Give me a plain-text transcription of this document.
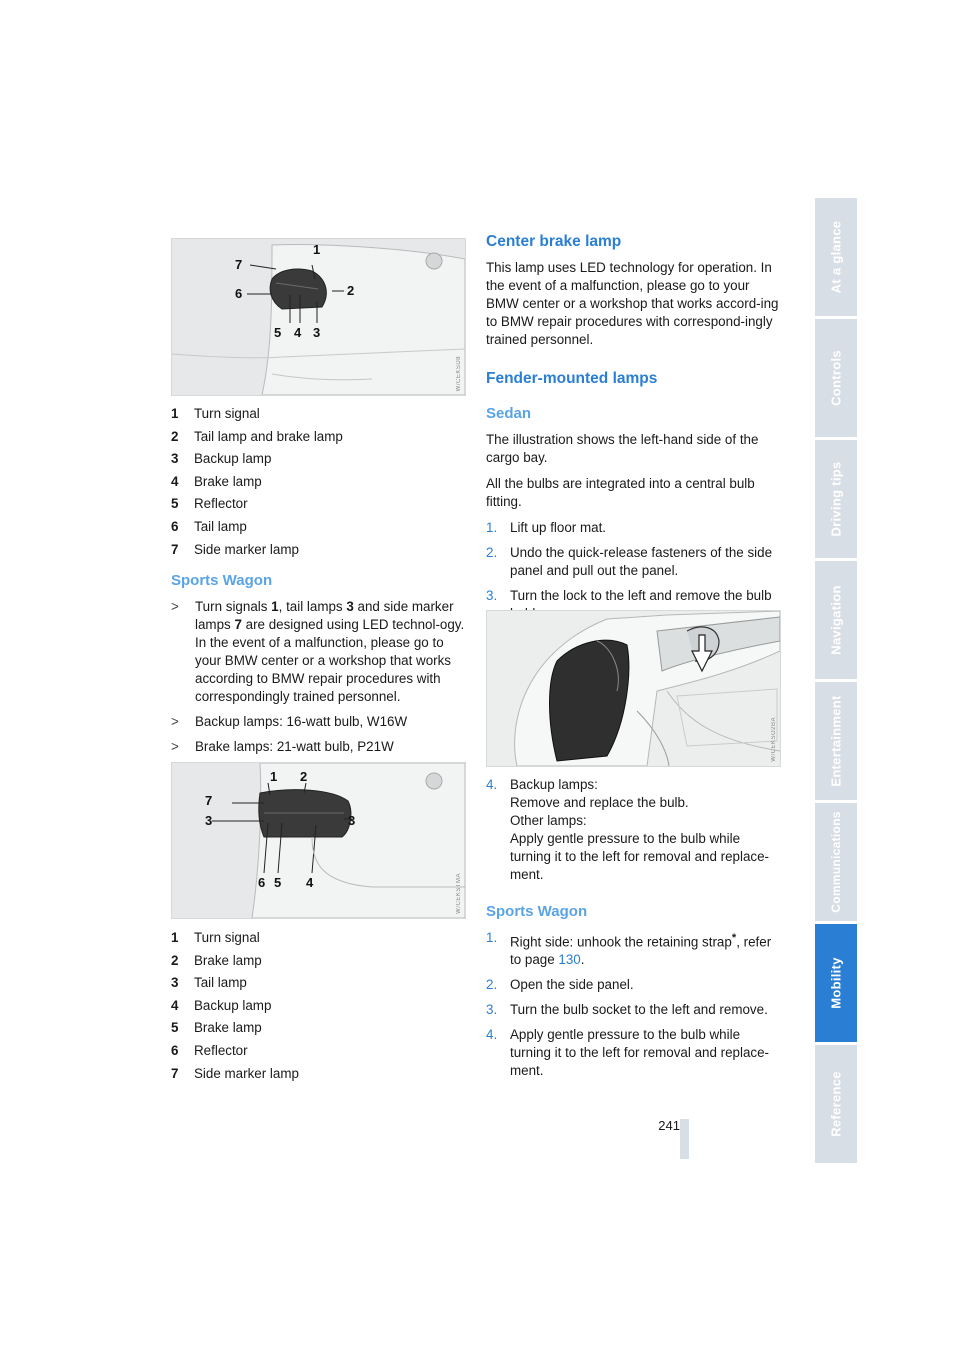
1
7
6	2
5 4 3
W/CEKSD8
1	Turn signal
2	Tail lamp and brake lamp
3	Backup lamp
4	Brake lamp
5	Reflector
6	Tail lamp
7	Side marker lamp
Sports Wagon
>	Turn signals 1, tail lamps 3 and side marker lamps 7 are designed using LED technol-ogy. In the event of a malfunction, please go to your BMW center or a workshop that works according to BMW repair procedures with correspondingly trained personnel.
>	Backup lamps: 16-watt bulb, W16W
>	Brake lamps: 21-watt bulb, P21W
1 2
7
3	3
6 5 4	W/CEKSTMA
1	Turn signal
2	Brake lamp
3	Tail lamp
4	Backup lamp
5	Brake lamp
6	Reflector
7	Side marker lamp
Center brake lamp

This lamp uses LED technology for operation. In the event of a malfunction, please go to your BMW center or a workshop that works accord-ing to BMW repair procedures with correspond-ingly trained personnel.

Fender-mounted lamps
Sedan

The illustration shows the left-hand side of the cargo bay.

All the bulbs are integrated into a central bulb fitting.

1. Lift up floor mat.
2. Undo the quick-release fasteners of the side panel and pull out the panel.
3. Turn the lock to the left and remove the bulb
W/CEKSO2BA
4. Backup lamps:
Remove and replace the bulb.
Other lamps:
Apply gentle pressure to the bulb while turning it to the left for removal and replace-ment.
Sports Wagon
1. Right side: unhook the retaining strap*, refer to page 130.
2. Open the side panel.
3. Turn the bulb socket to the left and remove.
4. Apply gentle pressure to the bulb while turning it to the left for removal and replace-ment.
At a glance
Controls
Driving tips
Navigation
Entertainment
Communications
Mobility
Reference
241
